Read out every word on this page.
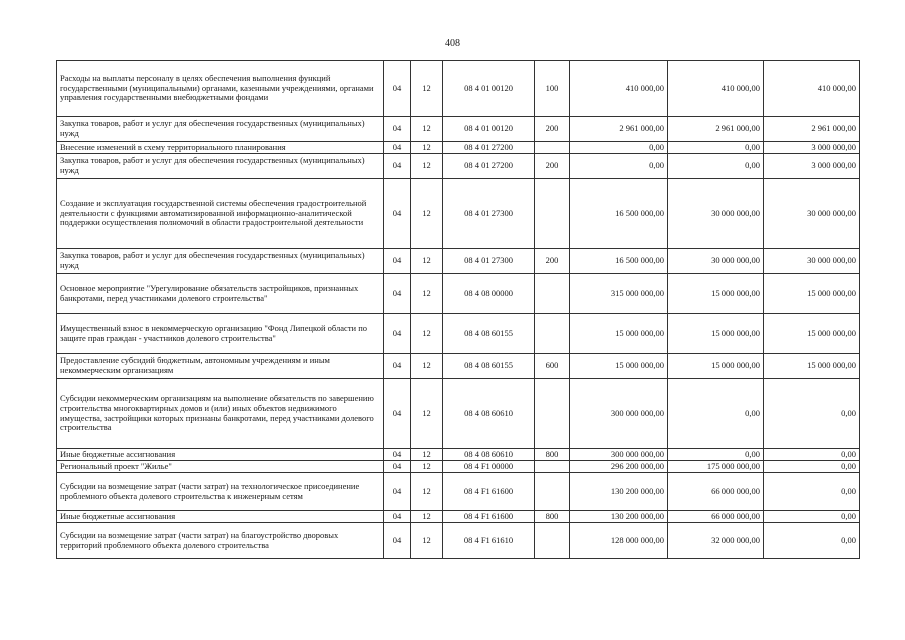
408
Расходы на выплаты персоналу в целях обеспечения выполнения функций государственными (муниципальными) органами, казенными учреждениями, органами управления государственными внебюджетными фондами	04	12	08 4 01 00120	100	410 000,00	410 000,00	410 000,00
Закупка товаров, работ и услуг для обеспечения государственных (муниципальных) нужд	04	12	08 4 01 00120	200	2 961 000,00	2 961 000,00	2 961 000,00
Внесение изменений в схему территориального планирования	04	12	08 4 01 27200		0,00	0,00	3 000 000,00
Закупка товаров, работ и услуг для обеспечения государственных (муниципальных) нужд	04	12	08 4 01 27200	200	0,00	0,00	3 000 000,00
Создание и эксплуатация государственной системы обеспечения градостроительной деятельности с функциями автоматизированной информационно-аналитической поддержки осуществления полномочий в области градостроительной деятельности	04	12	08 4 01 27300		16 500 000,00	30 000 000,00	30 000 000,00
Закупка товаров, работ и услуг для обеспечения государственных (муниципальных) нужд	04	12	08 4 01 27300	200	16 500 000,00	30 000 000,00	30 000 000,00
Основное мероприятие "Урегулирование обязательств застройщиков, признанных банкротами, перед участниками долевого строительства"	04	12	08 4 08 00000		315 000 000,00	15 000 000,00	15 000 000,00
Имущественный взнос в некоммерческую организацию "Фонд Липецкой области по защите прав граждан - участников долевого строительства"	04	12	08 4 08 60155		15 000 000,00	15 000 000,00	15 000 000,00
Предоставление субсидий бюджетным, автономным учреждениям и иным некоммерческим организациям	04	12	08 4 08 60155	600	15 000 000,00	15 000 000,00	15 000 000,00
Субсидии некоммерческим организациям на выполнение обязательств по завершению строительства многоквартирных домов и (или) иных объектов недвижимого имущества, застройщики которых признаны банкротами, перед участниками долевого строительства	04	12	08 4 08 60610		300 000 000,00	0,00	0,00
Иные бюджетные ассигнования	04	12	08 4 08 60610	800	300 000 000,00	0,00	0,00
Региональный проект "Жилье"	04	12	08 4 F1 00000		296 200 000,00	175 000 000,00	0,00
Субсидии на возмещение затрат (части затрат) на технологическое присоединение проблемного объекта долевого строительства к инженерным сетям	04	12	08 4 F1 61600		130 200 000,00	66 000 000,00	0,00
Иные бюджетные ассигнования	04	12	08 4 F1 61600	800	130 200 000,00	66 000 000,00	0,00
Субсидии на возмещение затрат (части затрат) на благоустройство дворовых территорий проблемного объекта долевого строительства	04	12	08 4 F1 61610		128 000 000,00	32 000 000,00	0,00
